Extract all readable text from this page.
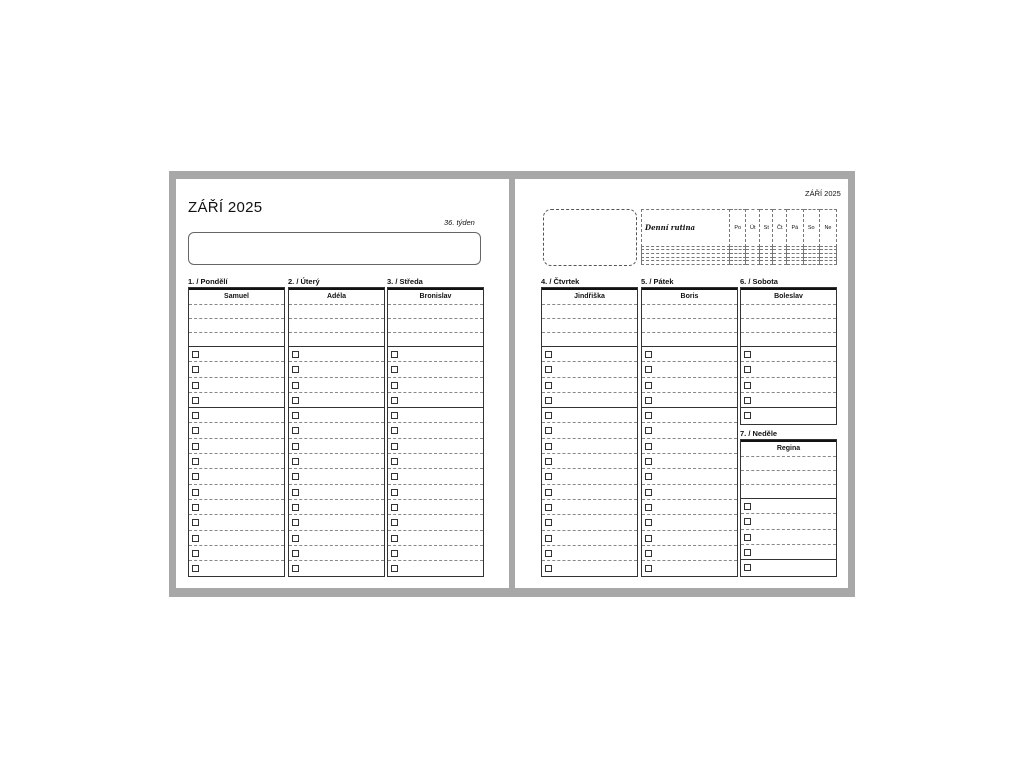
ZÁŘÍ 2025
36. týden
ZÁŘÍ 2025
Denní rutina	Po	Út	St	Čt	Pá	So	Ne

1. / Pondělí	2. / Úterý	3. / Středa	4. / Čtvrtek	5. / Pátek	6. / Sobota
7. / Neděle
Samuel	Adéla	Bronislav	Jindřiška	Boris	Boleslav
Regina
